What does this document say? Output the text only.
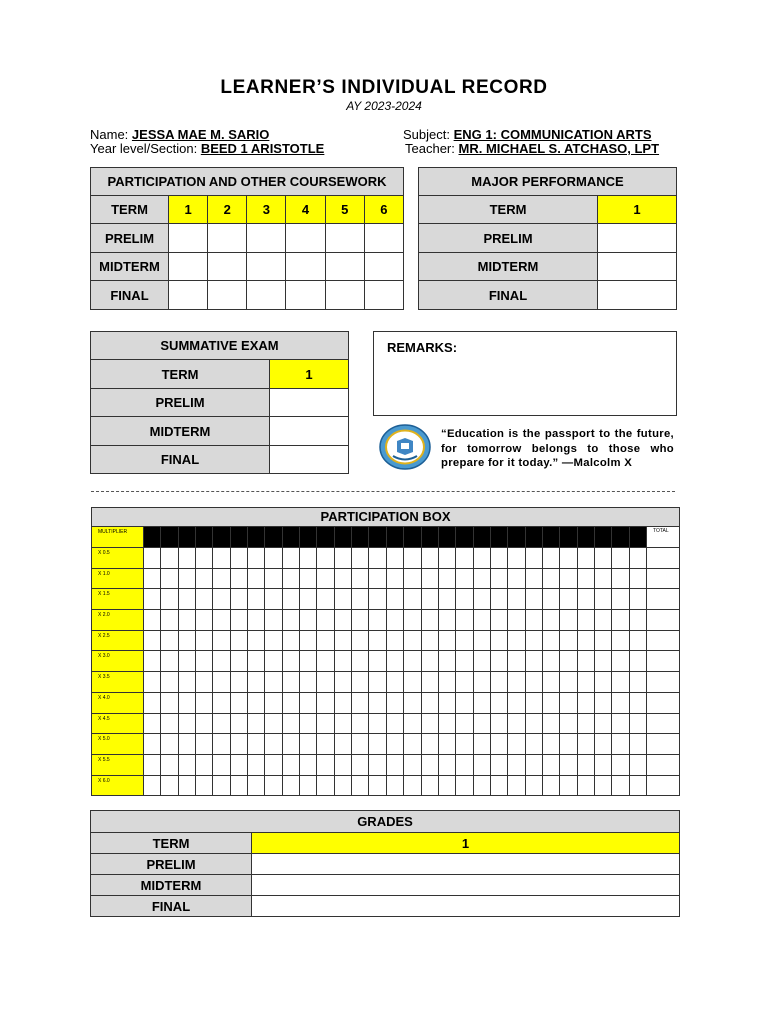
LEARNER’S INDIVIDUAL RECORD
AY 2023-2024
Name: JESSA MAE M. SARIO
Year level/Section: BEED 1 ARISTOTLE
Subject: ENG 1: COMMUNICATION ARTS
Teacher: MR. MICHAEL S. ATCHASO, LPT
PARTICIPATION AND OTHER COURSEWORK						
TERM	1	2	3	4	5	6
PRELIM						
MIDTERM						
FINAL						
MAJOR PERFORMANCE	
TERM	1
PRELIM	
MIDTERM	
FINAL	
SUMMATIVE EXAM	
TERM	1
PRELIM	
MIDTERM	
FINAL	
REMARKS:
“Education is the passport to the future, for tomorrow belongs to those who prepare for it today.” —Malcolm X
PARTICIPATION BOX
MULTIPLIER																														TOTAL
X 0.5																														
X 1.0																														
X 1.5																														
X 2.0																														
X 2.5																														
X 3.0																														
X 3.5																														
X 4.0																														
X 4.5																														
X 5.0																														
X 5.5																														
X 6.0																														
GRADES	
TERM	1
PRELIM	
MIDTERM	
FINAL	
